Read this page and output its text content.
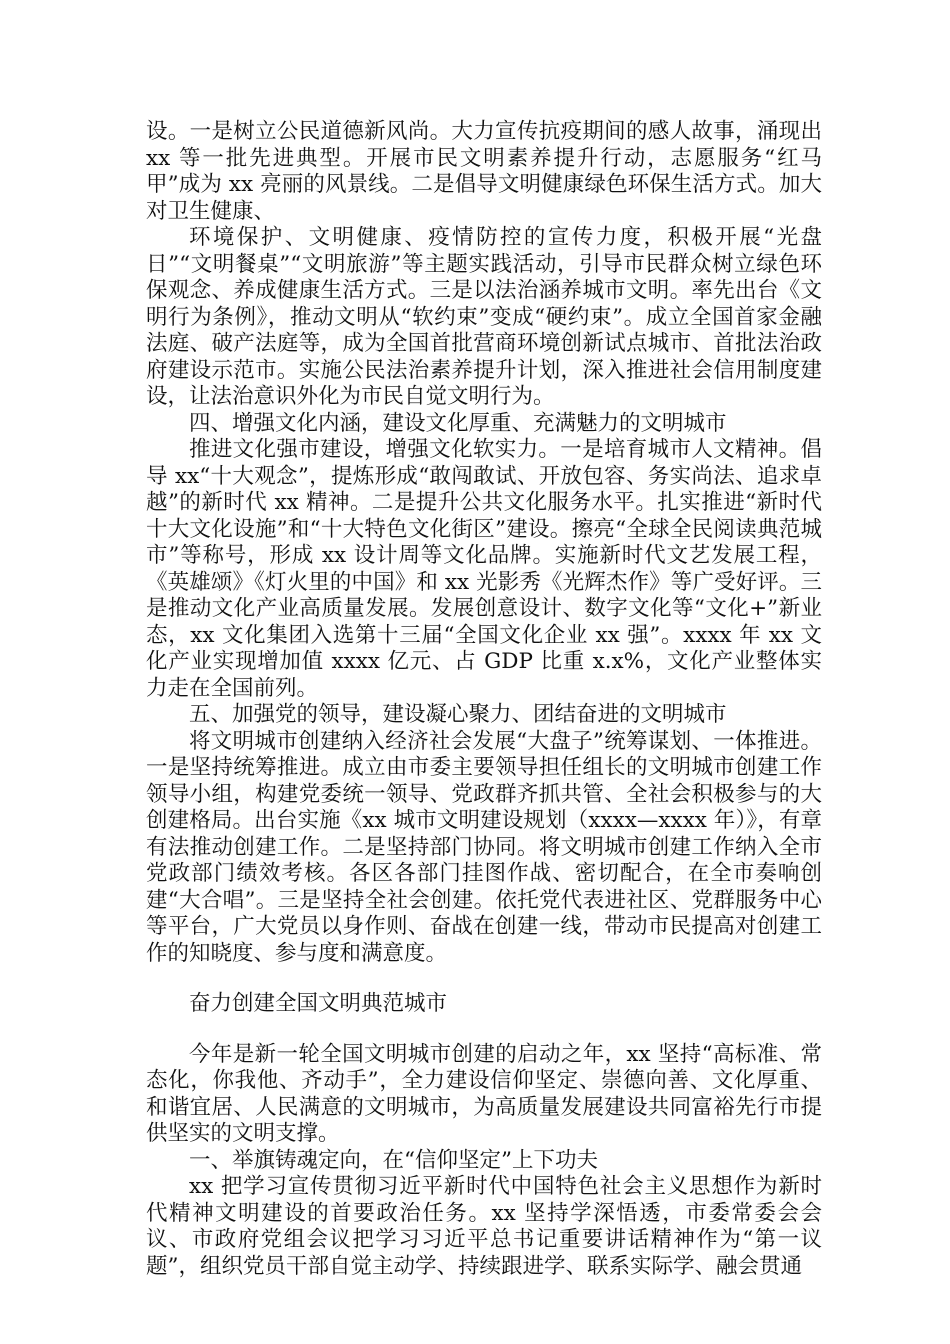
设。一是树立公民道德新风尚。大力宣传抗疫期间的感人故事，涌现出 xx 等一批先进典型。开展市民文明素养提升行动，志愿服务“红马甲”成为 xx 亮丽的风景线。二是倡导文明健康绿色环保生活方式。加大对卫生健康、

环境保护、文明健康、疫情防控的宣传力度，积极开展“光盘日”“文明餐桌”“文明旅游”等主题实践活动，引导市民群众树立绿色环保观念、养成健康生活方式。三是以法治涵养城市文明。率先出台《文明行为条例》，推动文明从“软约束”变成“硬约束”。成立全国首家金融法庭、破产法庭等，成为全国首批营商环境创新试点城市、首批法治政府建设示范市。实施公民法治素养提升计划，深入推进社会信用制度建设，让法治意识外化为市民自觉文明行为。

四、增强文化内涵，建设文化厚重、充满魅力的文明城市

推进文化强市建设，增强文化软实力。一是培育城市人文精神。倡导 xx“十大观念”，提炼形成“敢闯敢试、开放包容、务实尚法、追求卓越”的新时代 xx 精神。二是提升公共文化服务水平。扎实推进“新时代十大文化设施”和“十大特色文化街区”建设。擦亮“全球全民阅读典范城市”等称号，形成 xx 设计周等文化品牌。实施新时代文艺发展工程，《英雄颂》《灯火里的中国》和 xx 光影秀《光辉杰作》等广受好评。三是推动文化产业高质量发展。发展创意设计、数字文化等“文化+”新业态，xx 文化集团入选第十三届“全国文化企业 xx 强”。xxxx 年 xx 文化产业实现增加值 xxxx 亿元、占 GDP 比重 x.x%，文化产业整体实力走在全国前列。

五、加强党的领导，建设凝心聚力、团结奋进的文明城市

将文明城市创建纳入经济社会发展“大盘子”统筹谋划、一体推进。一是坚持统筹推进。成立由市委主要领导担任组长的文明城市创建工作领导小组，构建党委统一领导、党政群齐抓共管、全社会积极参与的大创建格局。出台实施《xx 城市文明建设规划（xxxx—xxxx 年）》，有章有法推动创建工作。二是坚持部门协同。将文明城市创建工作纳入全市党政部门绩效考核。各区各部门挂图作战、密切配合，在全市奏响创建“大合唱”。三是坚持全社会创建。依托党代表进社区、党群服务中心等平台，广大党员以身作则、奋战在创建一线，带动市民提高对创建工作的知晓度、参与度和满意度。

奋力创建全国文明典范城市

今年是新一轮全国文明城市创建的启动之年，xx 坚持“高标准、常态化，你我他、齐动手”，全力建设信仰坚定、崇德向善、文化厚重、和谐宜居、人民满意的文明城市，为高质量发展建设共同富裕先行市提供坚实的文明支撑。

一、举旗铸魂定向，在“信仰坚定”上下功夫

xx 把学习宣传贯彻习近平新时代中国特色社会主义思想作为新时代精神文明建设的首要政治任务。xx 坚持学深悟透，市委常委会会议、市政府党组会议把学习习近平总书记重要讲话精神作为“第一议题”，组织党员干部自觉主动学、持续跟进学、联系实际学、融会贯通
